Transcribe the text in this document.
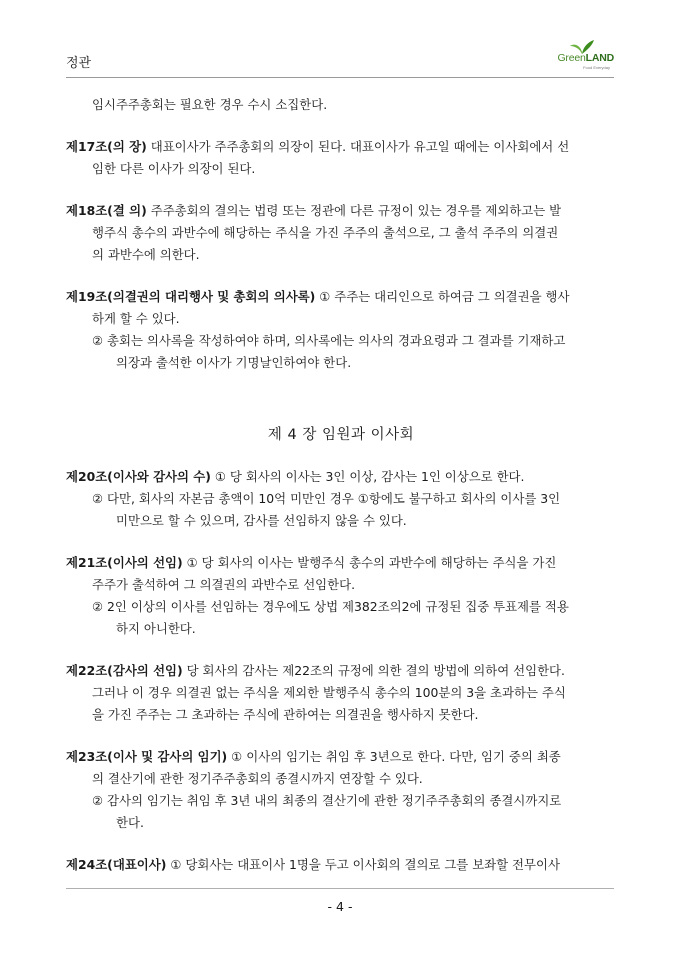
정관	GreenLAND
Food Everyday

임시주주총회는 필요한 경우 수시 소집한다.

제17조(의 장) 대표이사가 주주총회의 의장이 된다. 대표이사가 유고일 때에는 이사회에서 선

임한 다른 이사가 의장이 된다.

제18조(결 의) 주주총회의 결의는 법령 또는 정관에 다른 규정이 있는 경우를 제외하고는 발

행주식 총수의 과반수에 해당하는 주식을 가진 주주의 출석으로, 그 출석 주주의 의결권

의 과반수에 의한다.

제19조(의결권의 대리행사 및 총회의 의사록) ① 주주는 대리인으로 하여금 그 의결권을 행사

하게 할 수 있다.

② 총회는 의사록을 작성하여야 하며, 의사록에는 의사의 경과요령과 그 결과를 기재하고

의장과 출석한 이사가 기명날인하여야 한다.

제 4 장 임원과 이사회

제20조(이사와 감사의 수) ① 당 회사의 이사는 3인 이상, 감사는 1인 이상으로 한다.

② 다만, 회사의 자본금 총액이 10억 미만인 경우 ①항에도 불구하고 회사의 이사를 3인

미만으로 할 수 있으며, 감사를 선임하지 않을 수 있다.

제21조(이사의 선임) ① 당 회사의 이사는 발행주식 총수의 과반수에 해당하는 주식을 가진

주주가 출석하여 그 의결권의 과반수로 선임한다.

② 2인 이상의 이사를 선임하는 경우에도 상법 제382조의2에 규정된 집중 투표제를 적용

하지 아니한다.

제22조(감사의 선임) 당 회사의 감사는 제22조의 규정에 의한 결의 방법에 의하여 선임한다.

그러나 이 경우 의결권 없는 주식을 제외한 발행주식 총수의 100분의 3을 초과하는 주식

을 가진 주주는 그 초과하는 주식에 관하여는 의결권을 행사하지 못한다.

제23조(이사 및 감사의 임기) ① 이사의 임기는 취임 후 3년으로 한다. 다만, 임기 중의 최종

의 결산기에 관한 정기주주총회의 종결시까지 연장할 수 있다.

② 감사의 임기는 취임 후 3년 내의 최종의 결산기에 관한 정기주주총회의 종결시까지로

한다.

제24조(대표이사) ① 당회사는 대표이사 1명을 두고 이사회의 결의로 그를 보좌할 전무이사

- 4 -
